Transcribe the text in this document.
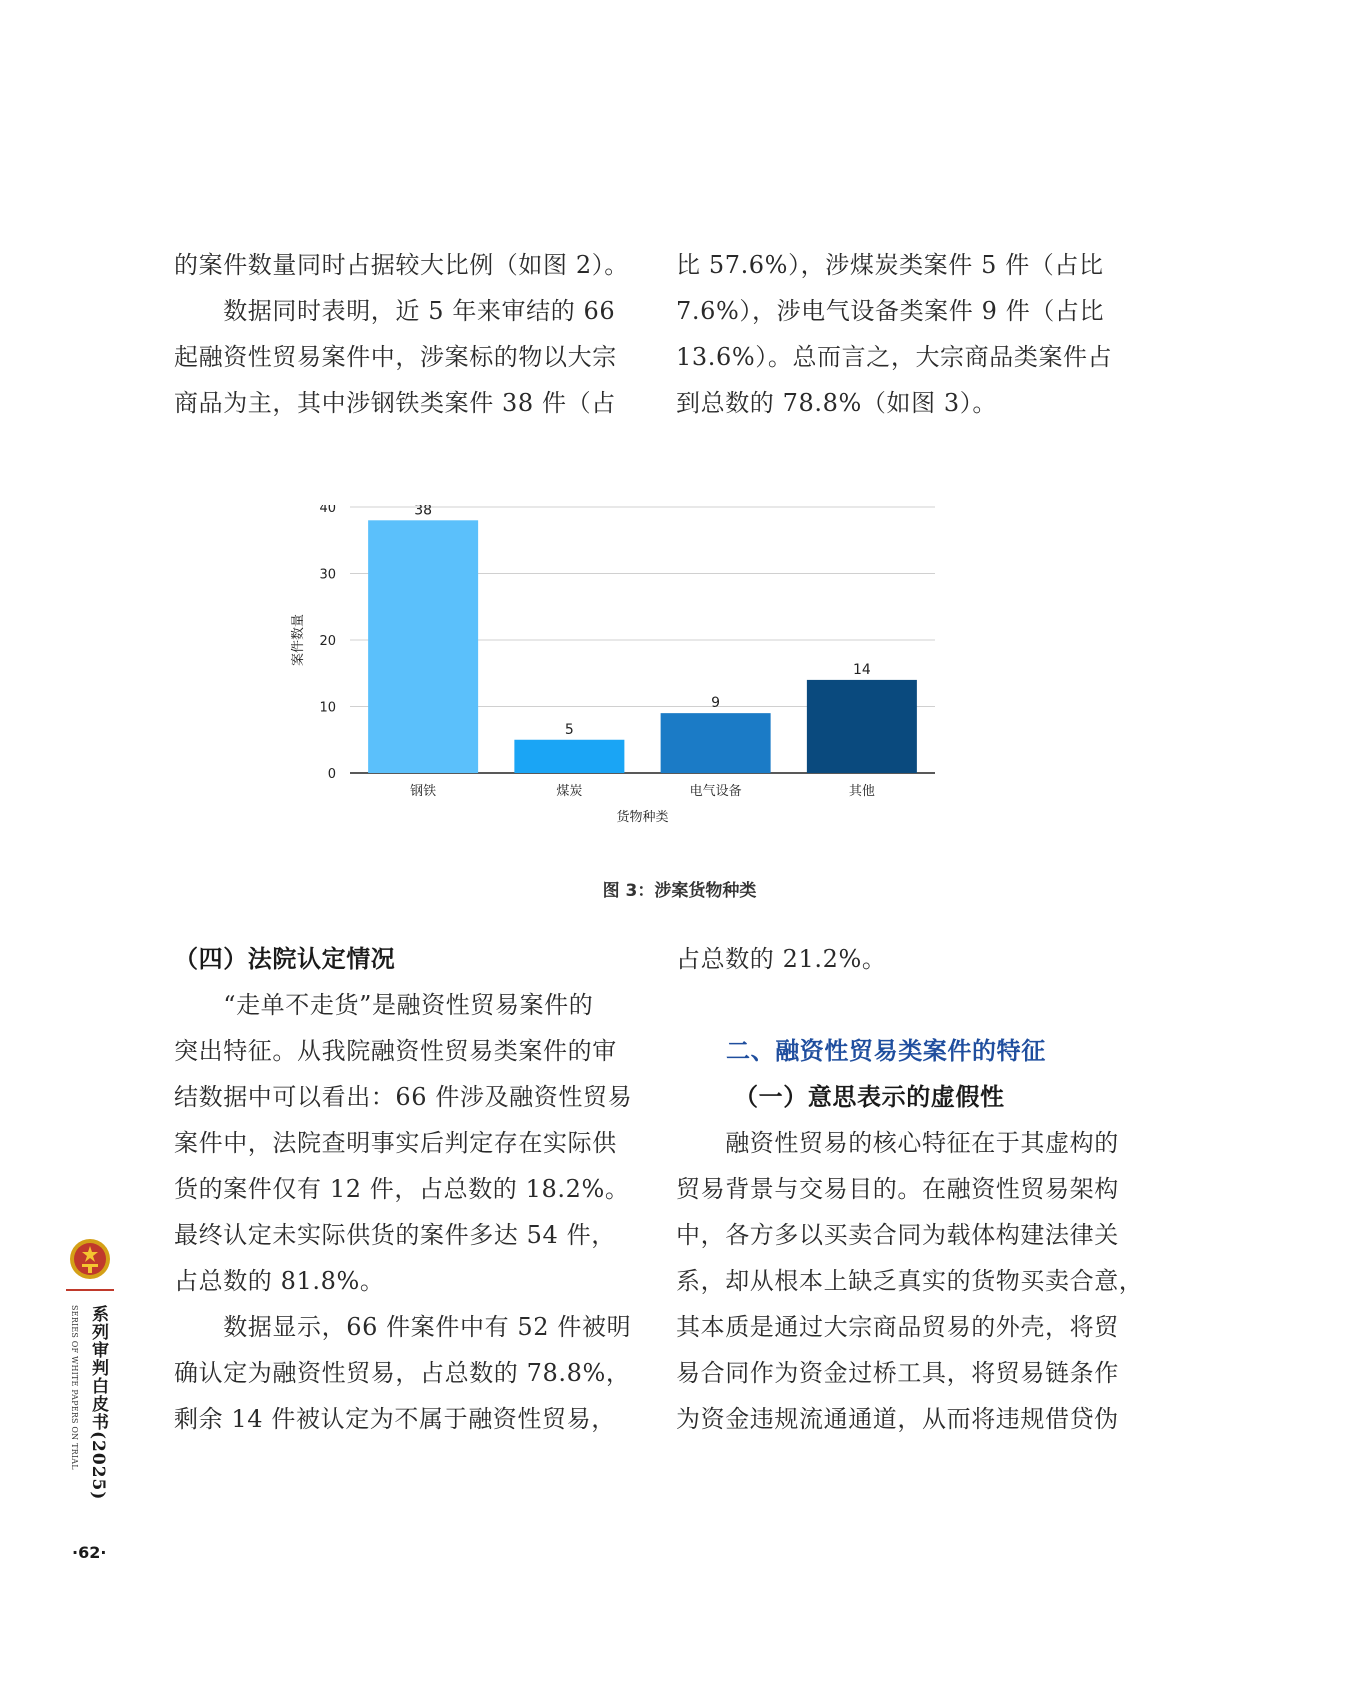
的案件数量同时占据较大比例（如图 2）。
　　数据同时表明，近 5 年来审结的 66
起融资性贸易案件中，涉案标的物以大宗
商品为主，其中涉钢铁类案件 38 件（占
比 57.6%），涉煤炭类案件 5 件（占比
7.6%），涉电气设备类案件 9 件（占比
13.6%）。总而言之，大宗商品类案件占
到总数的 78.8%（如图 3）。
0
10
20
30
40	38
钢铁
5
煤炭
9
电气设备
14
其他
货物种类
案件数量
图 3：涉案货物种类
（四）法院认定情况
　　“走单不走货”是融资性贸易案件的
突出特征。从我院融资性贸易类案件的审
结数据中可以看出：66 件涉及融资性贸易
案件中，法院查明事实后判定存在实际供
货的案件仅有 12 件，占总数的 18.2%。
最终认定未实际供货的案件多达 54 件，
占总数的 81.8%。
　　数据显示，66 件案件中有 52 件被明
确认定为融资性贸易，占总数的 78.8%，
剩余 14 件被认定为不属于融资性贸易，
占总数的 21.2%。
二、融资性贸易类案件的特征
（一）意思表示的虚假性
　　融资性贸易的核心特征在于其虚构的
贸易背景与交易目的。在融资性贸易架构
中，各方多以买卖合同为载体构建法律关
系，却从根本上缺乏真实的货物买卖合意，
其本质是通过大宗商品贸易的外壳，将贸
易合同作为资金过桥工具，将贸易链条作
为资金违规流通通道，从而将违规借贷伪
系列审判白皮书(2025)
SERIES OF WHITE PAPERS ON TRIAL
·62·
